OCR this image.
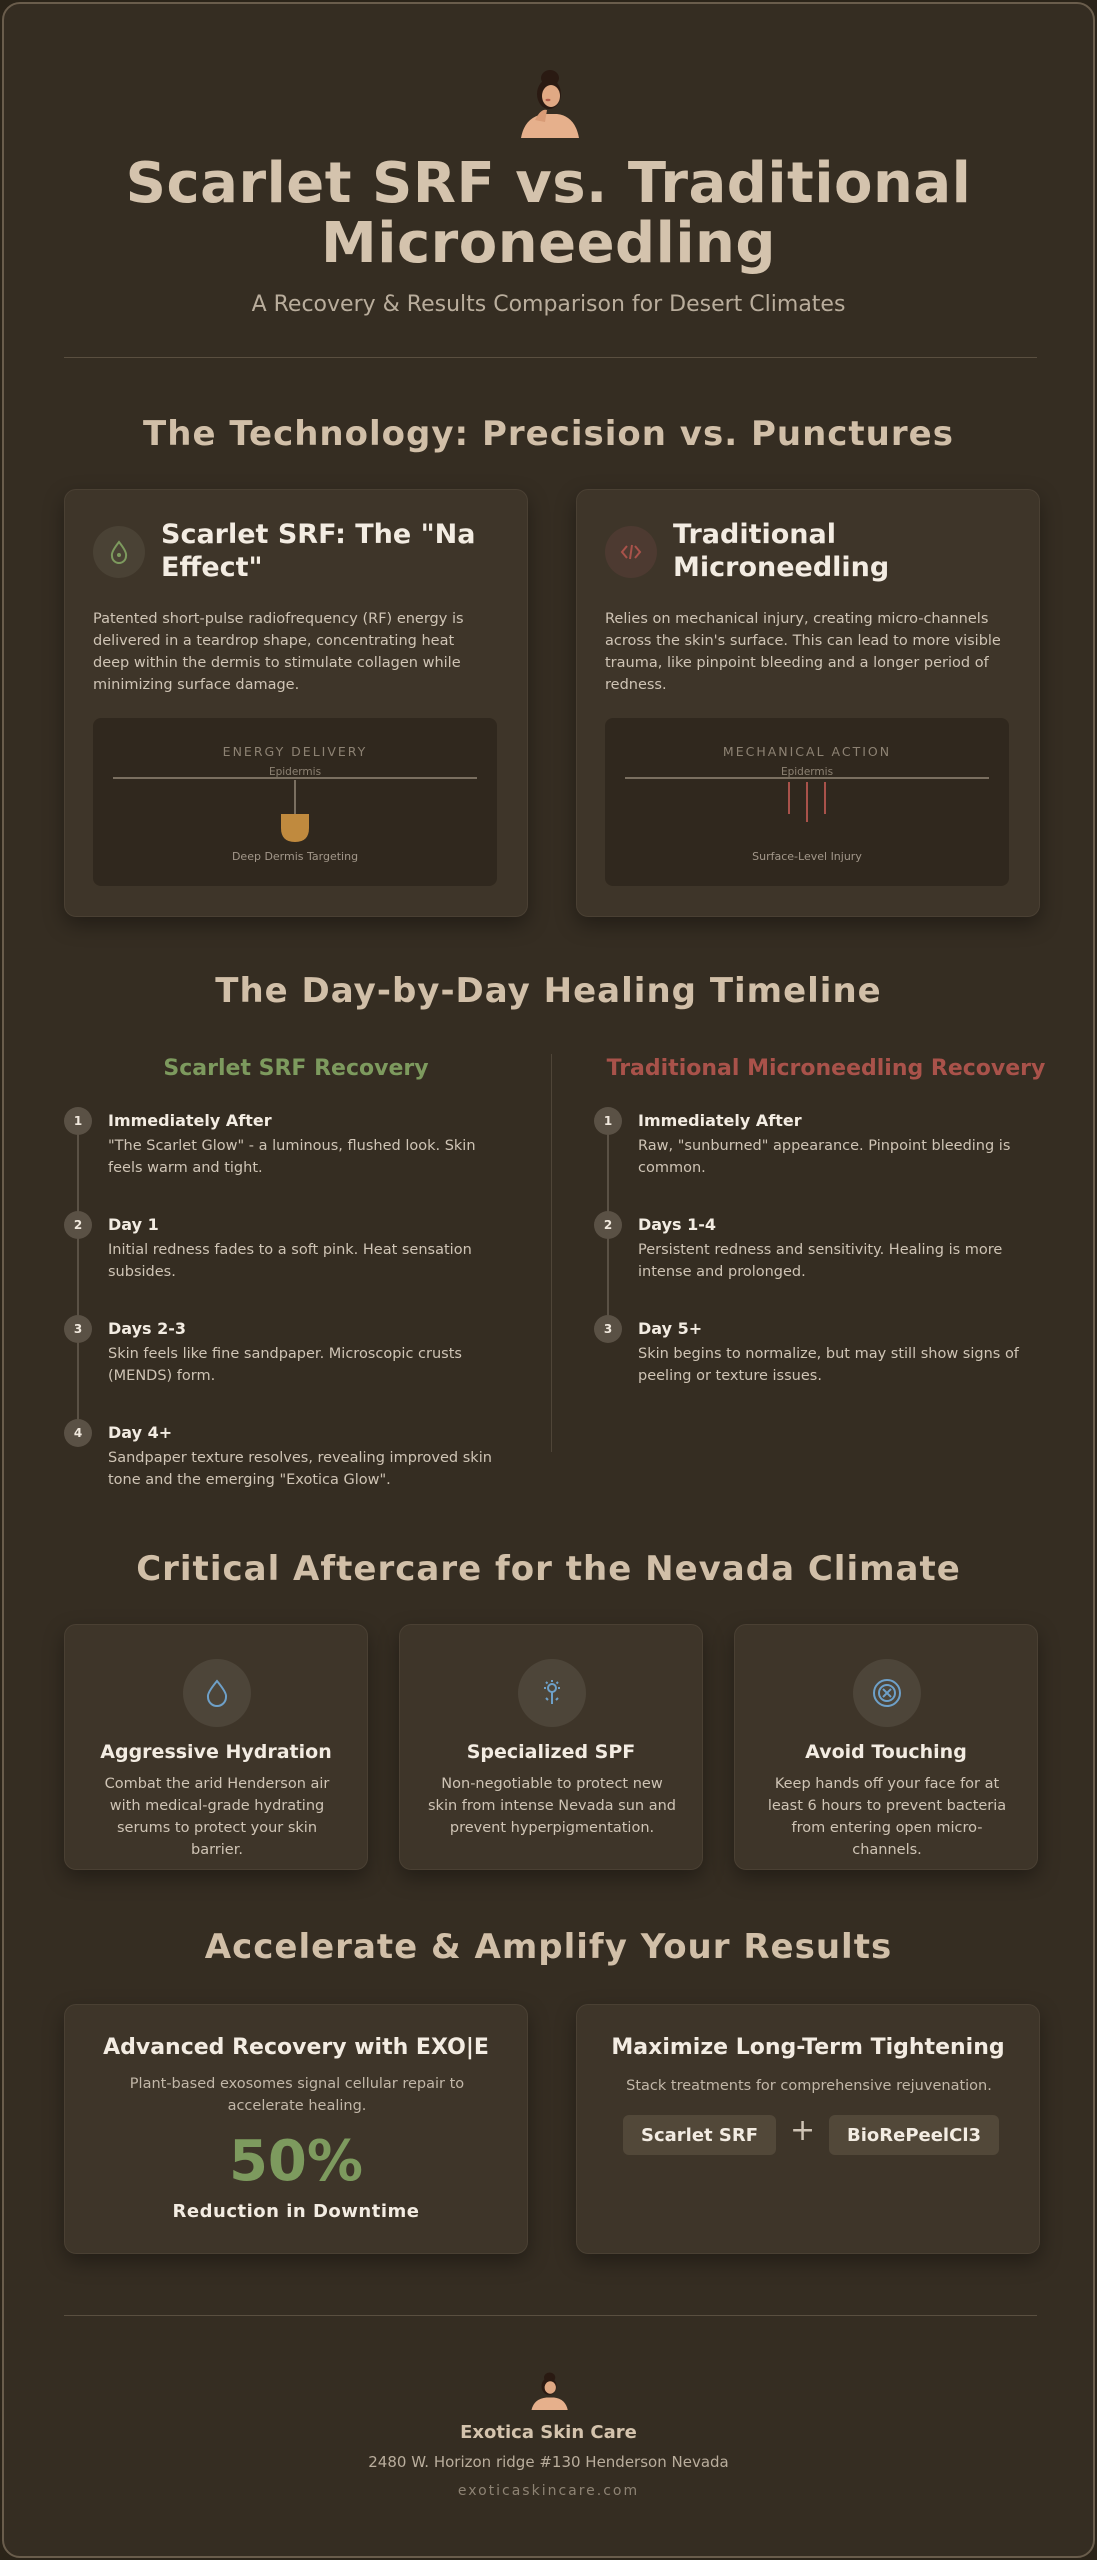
Scarlet SRF vs. Traditional Microneedling
A Recovery & Results Comparison for Desert Climates
The Technology: Precision vs. Punctures
Scarlet SRF: The "Na Effect"
Patented short-pulse radiofrequency (RF) energy is delivered in a teardrop shape, concentrating heat deep within the dermis to stimulate collagen while minimizing surface damage.
ENERGY DELIVERY
Epidermis
Deep Dermis Targeting
Traditional Microneedling
Relies on mechanical injury, creating micro-channels across the skin's surface. This can lead to more visible trauma, like pinpoint bleeding and a longer period of redness.
MECHANICAL ACTION
Epidermis
Surface-Level Injury
The Day-by-Day Healing Timeline
Scarlet SRF Recovery	Traditional Microneedling Recovery
1	Immediately After
"The Scarlet Glow" - a luminous, flushed look. Skin feels warm and tight.
2	Day 1
Initial redness fades to a soft pink. Heat sensation subsides.
3	Days 2-3
Skin feels like fine sandpaper. Microscopic crusts (MENDS) form.
4	Day 4+
Sandpaper texture resolves, revealing improved skin tone and the emerging "Exotica Glow".
1	Immediately After
Raw, "sunburned" appearance. Pinpoint bleeding is common.
2	Days 1-4
Persistent redness and sensitivity. Healing is more intense and prolonged.
3	Day 5+
Skin begins to normalize, but may still show signs of peeling or texture issues.
Critical Aftercare for the Nevada Climate
Aggressive Hydration
Combat the arid Henderson air with medical-grade hydrating serums to protect your skin barrier.
Specialized SPF
Non-negotiable to protect new skin from intense Nevada sun and prevent hyperpigmentation.
Avoid Touching
Keep hands off your face for at least 6 hours to prevent bacteria from entering open micro-channels.
Accelerate & Amplify Your Results
Advanced Recovery with EXO|E
Plant-based exosomes signal cellular repair to accelerate healing.
50%
Reduction in Downtime
Maximize Long-Term Tightening
Stack treatments for comprehensive rejuvenation.
Scarlet SRF	+	BioRePeelCl3
Exotica Skin Care
2480 W. Horizon ridge #130 Henderson Nevada
exoticaskincare.com
